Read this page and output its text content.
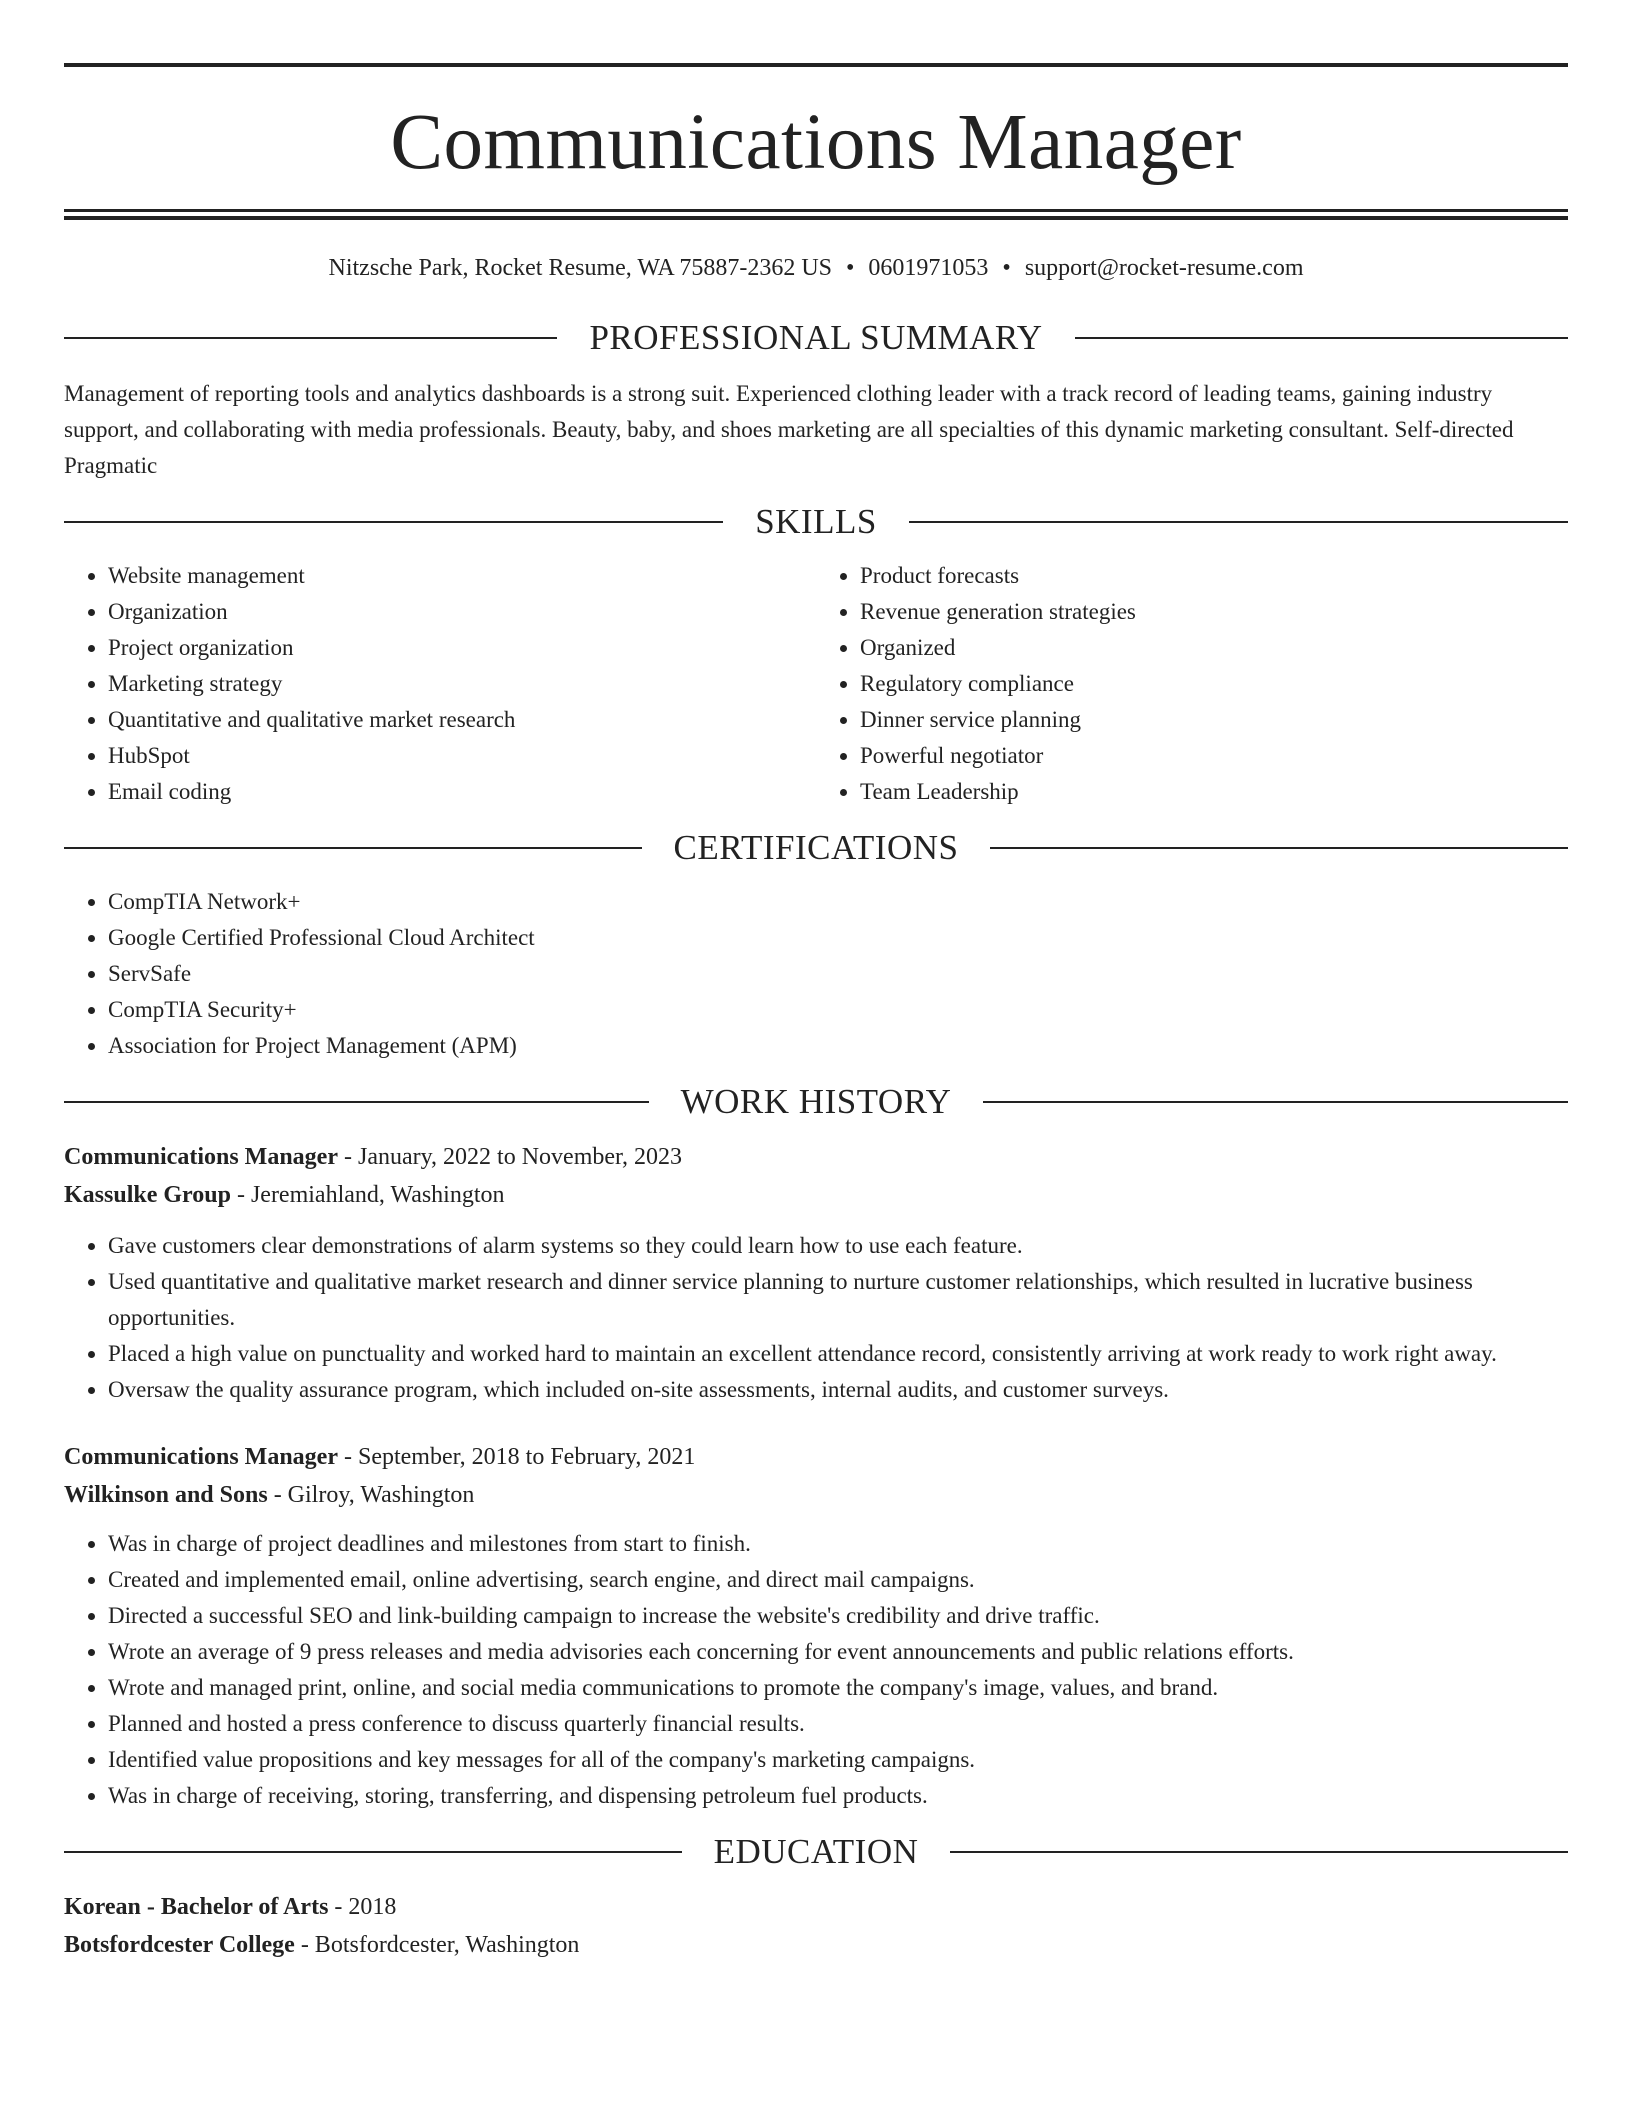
Communications Manager
Nitzsche Park, Rocket Resume, WA 75887-2362 US • 0601971053 • support@rocket-resume.com
PROFESSIONAL SUMMARY

Management of reporting tools and analytics dashboards is a strong suit. Experienced clothing leader with a track record of leading teams, gaining industry support, and collaborating with media professionals. Beauty, baby, and shoes marketing are all specialties of this dynamic marketing consultant. Self-directed Pragmatic

SKILLS
• Website management
• Organization
• Project organization
• Marketing strategy
• Quantitative and qualitative market research
• HubSpot
• Email coding
• Product forecasts
• Revenue generation strategies
• Organized
• Regulatory compliance
• Dinner service planning
• Powerful negotiator
• Team Leadership
CERTIFICATIONS
• CompTIA Network+
• Google Certified Professional Cloud Architect
• ServSafe
• CompTIA Security+
• Association for Project Management (APM)
WORK HISTORY
Communications Manager - January, 2022 to November, 2023
Kassulke Group - Jeremiahland, Washington
• Gave customers clear demonstrations of alarm systems so they could learn how to use each feature.
• Used quantitative and qualitative market research and dinner service planning to nurture customer relationships, which resulted in lucrative business opportunities.
• Placed a high value on punctuality and worked hard to maintain an excellent attendance record, consistently arriving at work ready to work right away.
• Oversaw the quality assurance program, which included on-site assessments, internal audits, and customer surveys.
Communications Manager - September, 2018 to February, 2021
Wilkinson and Sons - Gilroy, Washington
• Was in charge of project deadlines and milestones from start to finish.
• Created and implemented email, online advertising, search engine, and direct mail campaigns.
• Directed a successful SEO and link-building campaign to increase the website's credibility and drive traffic.
• Wrote an average of 9 press releases and media advisories each concerning for event announcements and public relations efforts.
• Wrote and managed print, online, and social media communications to promote the company's image, values, and brand.
• Planned and hosted a press conference to discuss quarterly financial results.
• Identified value propositions and key messages for all of the company's marketing campaigns.
• Was in charge of receiving, storing, transferring, and dispensing petroleum fuel products.
EDUCATION
Korean - Bachelor of Arts - 2018
Botsfordcester College - Botsfordcester, Washington
